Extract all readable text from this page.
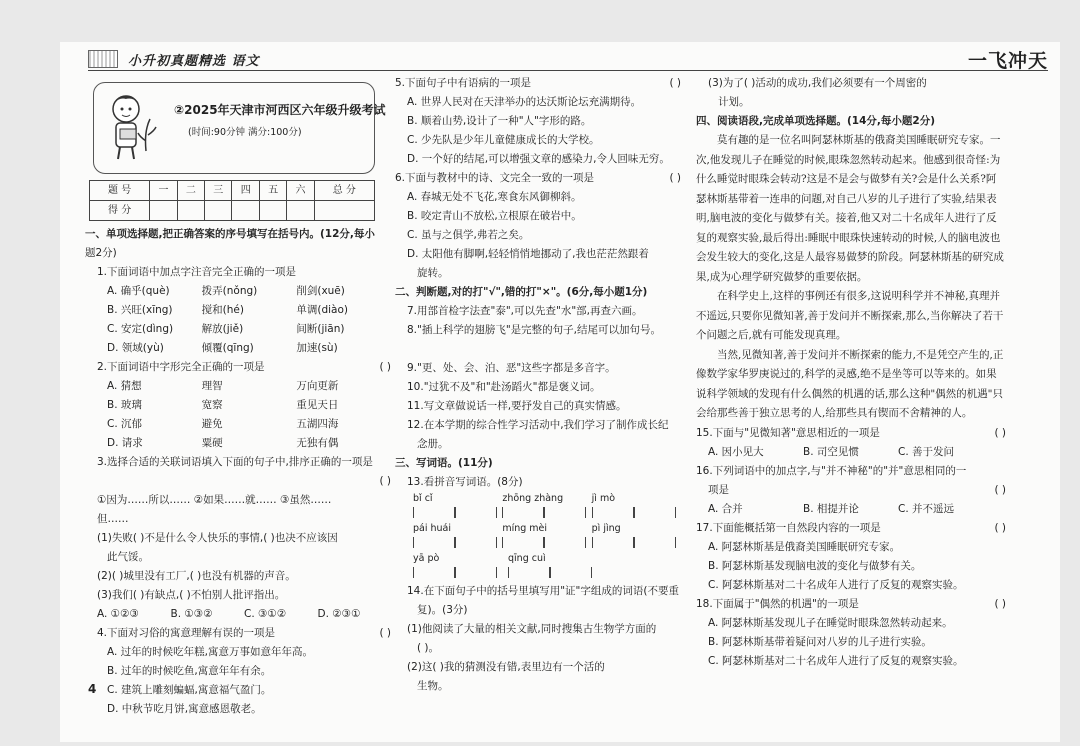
小升初真题精选 语文	一飞冲天
②2025年天津市河西区六年级升级考试
(时间:90分钟 满分:100分)
题 号	一	二	三	四	五	六	总 分
得 分							
一、单项选择题,把正确答案的序号填写在括号内。(12分,每小
题2分)
1.下面词语中加点字注音完全正确的一项是
A. 确乎(què)	拨弄(nǒng)	削剑(xuē)
B. 兴旺(xīng)	搅和(hé)	单调(diào)
C. 安定(dìng)	解放(jiě)	间断(jiān)
D. 领域(yù)	倾覆(qīng)	加速(sù)
2.下面词语中字形完全正确的一项是	( )
A. 猜想	理智	万向更新
B. 玻璃	宽察	重见天日
C. 沉郁	避免	五湖四海
D. 请求	粟硬	无独有偶
3.选择合适的关联词语填入下面的句子中,排序正确的一项是
( )

①因为……所以…… ②如果……就…… ③虽然……
但……
(1)失败( )不是什么令人快乐的事情,( )也决不应该因
此气馁。
(2)( )城里没有工厂,( )也没有机器的声音。
(3)我们( )有缺点,( )不怕别人批评指出。
A. ①②③	B. ①③②	C. ③①②	D. ②③①
4.下面对习俗的寓意理解有误的一项是	( )
A. 过年的时候吃年糕,寓意万事如意年年高。
B. 过年的时候吃鱼,寓意年年有余。
C. 建筑上雕刻蝙蝠,寓意福气盈门。
D. 中秋节吃月饼,寓意感恩敬老。
4
5.下面句子中有语病的一项是	( )
A. 世界人民对在天津举办的达沃斯论坛充满期待。
B. 顺着山势,设计了一种"人"字形的路。
C. 少先队是少年儿童健康成长的大学校。
D. 一个好的结尾,可以增强文章的感染力,令人回味无穷。
6.下面与教材中的诗、文完全一致的一项是	( )
A. 春城无处不飞花,寒食东风御柳斜。
B. 咬定青山不放松,立根原在破岩中。
C. 虽与之俱学,弗若之矣。
D. 太阳他有脚啊,轻轻悄悄地挪动了,我也茫茫然跟着
旋转。
二、判断题,对的打"√",错的打"×"。(6分,每小题1分)
7.用部首检字法查"泰",可以先查"水"部,再查六画。
8."插上科学的翅膀飞"是完整的句子,结尾可以加句号。

9."更、处、会、泊、恶"这些字都是多音字。
10."过犹不及"和"赴汤蹈火"都是褒义词。
11.写文章做说话一样,要抒发自己的真实情感。
12.在本学期的综合性学习活动中,我们学习了制作成长纪
念册。
三、写词语。(11分)
13.看拼音写词语。(8分)
bǐ cǐ	zhōng zhàng	jì mò
pái huái	míng mèi	pì jìng
yā pò	qīng cuì
14.在下面句子中的括号里填写用"证"字组成的词语(不要重
复)。(3分)
(1)他阅读了大量的相关文献,同时搜集古生物学方面的
( )。
(2)这( )我的猜测没有错,表里边有一个活的
生物。
(3)为了( )活动的成功,我们必须要有一个周密的
计划。
四、阅读语段,完成单项选择题。(14分,每小题2分)
莫有趣的是一位名叫阿瑟林斯基的俄裔美国睡眠研究专家。一次,他发现儿子在睡觉的时候,眼珠忽然转动起来。他感到很奇怪:为什么睡觉时眼珠会转动?这是不是会与做梦有关?会是什么关系?阿瑟林斯基带着一连串的问题,对自己八岁的儿子进行了实验,结果表明,脑电波的变化与做梦有关。接着,他又对二十名成年人进行了反复的观察实验,最后得出:睡眠中眼珠快速转动的时候,人的脑电波也会发生较大的变化,这是人最容易做梦的阶段。阿瑟林斯基的研究成果,成为心理学研究做梦的重要依据。
在科学史上,这样的事例还有很多,这说明科学并不神秘,真理并不遥远,只要你见微知著,善于发问并不断探索,那么,当你解决了若干个问题之后,就有可能发现真理。
当然,见微知著,善于发问并不断探索的能力,不是凭空产生的,正像数学家华罗庚说过的,科学的灵感,绝不是坐等可以等来的。如果说科学领域的发现有什么偶然的机遇的话,那么这种"偶然的机遇"只会给那些善于独立思考的人,给那些具有锲而不舍精神的人。
15.下面与"见微知著"意思相近的一项是	( )
A. 因小见大	B. 司空见惯	C. 善于发问
16.下列词语中的加点字,与"并不神秘"的"并"意思相同的一
项是	( )
A. 合并	B. 相提并论	C. 并不遥远
17.下面能概括第一自然段内容的一项是	( )
A. 阿瑟林斯基是俄裔美国睡眠研究专家。
B. 阿瑟林斯基发现脑电波的变化与做梦有关。
C. 阿瑟林斯基对二十名成年人进行了反复的观察实验。
18.下面属于"偶然的机遇"的一项是	( )
A. 阿瑟林斯基发现儿子在睡觉时眼珠忽然转动起来。
B. 阿瑟林斯基带着疑问对八岁的儿子进行实验。
C. 阿瑟林斯基对二十名成年人进行了反复的观察实验。
